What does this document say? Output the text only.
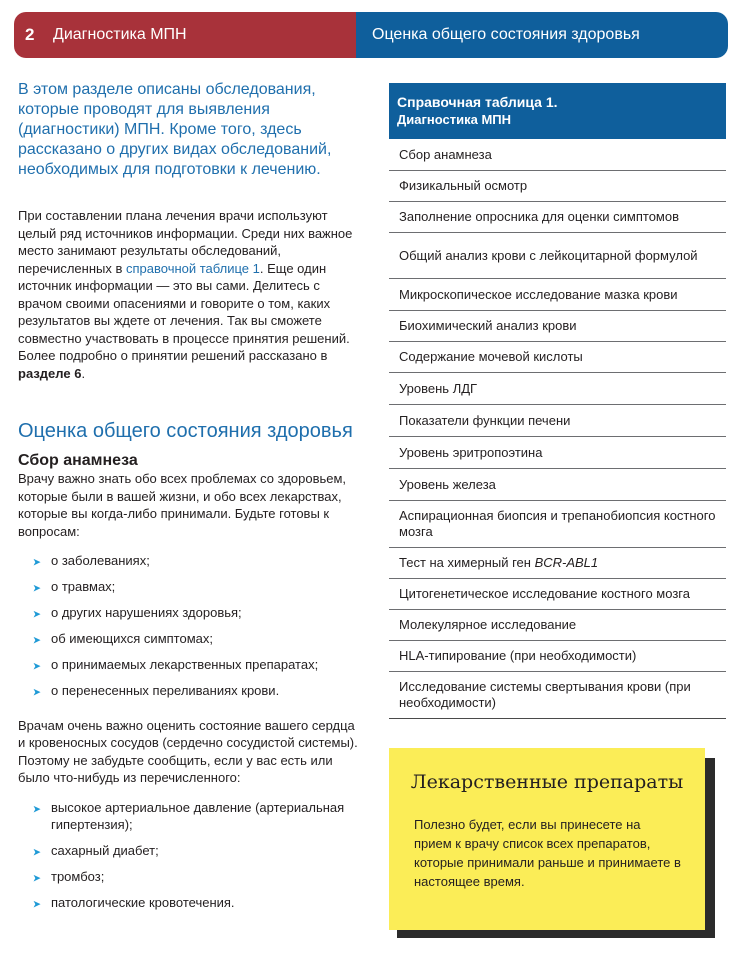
2	Диагностика МПН	Оценка общего состояния здоровья

В этом разделе описаны обследования, которые проводят для выявления (диагностики) МПН. Кроме того, здесь рассказано о других видах обследований, необходимых для подготовки к лечению.

При составлении плана лечения врачи используют целый ряд источников информации. Среди них важное место занимают результаты обследований, перечисленных в справочной таблице 1. Еще один источник информации — это вы сами. Делитесь с врачом своими опасениями и говорите о том, каких результатов вы ждете от лечения. Так вы сможете совместно участвовать в процессе принятия решений. Более подробно о принятии решений рассказано в разделе 6.

Оценка общего состояния здоровья
Сбор анамнеза

Врачу важно знать обо всех проблемах со здоровьем, которые были в вашей жизни, и обо всех лекарствах, которые вы когда-либо принимали. Будьте готовы к вопросам:

➤ о заболеваниях;
➤ о травмах;
➤ о других нарушениях здоровья;
➤ об имеющихся симптомах;
➤ о принимаемых лекарственных препаратах;
➤ о перенесенных переливаниях крови.

Врачам очень важно оценить состояние вашего сердца и кровеносных сосудов (сердечно сосудистой системы). Поэтому не забудьте сообщить, если у вас есть или было что-нибудь из перечисленного:

➤ высокое артериальное давление (артериальная гипертензия);
➤ сахарный диабет;
➤ тромбоз;
➤ патологические кровотечения.
Справочная таблица 1.
Диагностика МПН
Сбор анамнеза
Физикальный осмотр
Заполнение опросника для оценки симптомов
Общий анализ крови с лейкоцитарной формулой
Микроскопическое исследование мазка крови
Биохимический анализ крови
Содержание мочевой кислоты
Уровень ЛДГ
Показатели функции печени
Уровень эритропоэтина
Уровень железа
Аспирационная биопсия и трепанобиопсия костного мозга
Тест на химерный ген BCR-ABL1
Цитогенетическое исследование костного мозга
Молекулярное исследование
HLA-типирование (при необходимости)
Исследование системы свертывания крови (при необходимости)
Лекарственные препараты

Полезно будет, если вы принесете на прием к врачу список всех препаратов, которые принимали раньше и принимаете в настоящее время.
